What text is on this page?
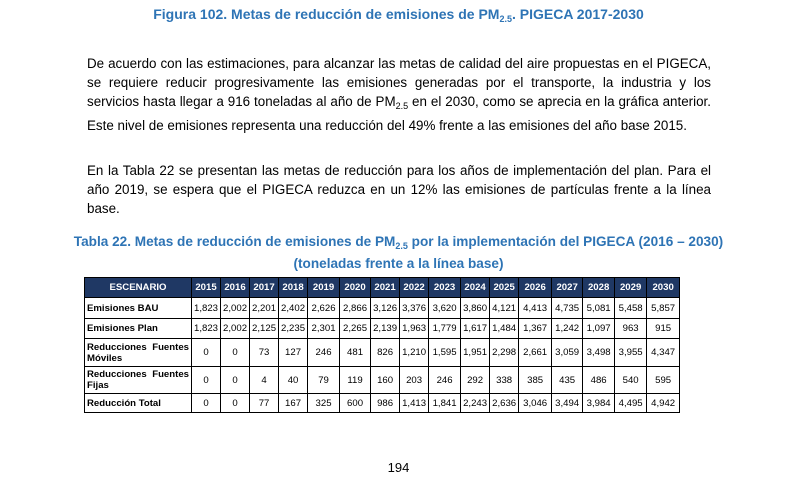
Figura 102. Metas de reducción de emisiones de $PM_{2.5}$. PIGECA 2017-2030

De acuerdo con las estimaciones, para alcanzar las metas de calidad del aire propuestas en el PIGECA, se requiere reducir progresivamente las emisiones generadas por el transporte, la industria y los servicios hasta llegar a 916 toneladas al año de $PM_{2.5}$ en el 2030, como se aprecia en la gráfica anterior. Este nivel de emisiones representa una reducción del 49% frente a las emisiones del año base 2015.

En la Tabla 22 se presentan las metas de reducción para los años de implementación del plan. Para el año 2019, se espera que el PIGECA reduzca en un 12% las emisiones de partículas frente a la línea base.

Tabla 22. Metas de reducción de emisiones de $PM_{2.5}$ por la implementación del PIGECA (2016 – 2030)
(toneladas frente a la línea base)
ESCENARIO	2015	2016	2017	2018	2019	2020	2021	2022	2023	2024	2025	2026	2027	2028	2029	2030
Emisiones BAU	1,823	2,002	2,201	2,402	2,626	2,866	3,126	3,376	3,620	3,860	4,121	4,413	4,735	5,081	5,458	5,857
Emisiones Plan	1,823	2,002	2,125	2,235	2,301	2,265	2,139	1,963	1,779	1,617	1,484	1,367	1,242	1,097	963	915
Reducciones Fuentes Móviles	0	0	73	127	246	481	826	1,210	1,595	1,951	2,298	2,661	3,059	3,498	3,955	4,347
Reducciones Fuentes Fijas	0	0	4	40	79	119	160	203	246	292	338	385	435	486	540	595
Reducción Total	0	0	77	167	325	600	986	1,413	1,841	2,243	2,636	3,046	3,494	3,984	4,495	4,942
194
